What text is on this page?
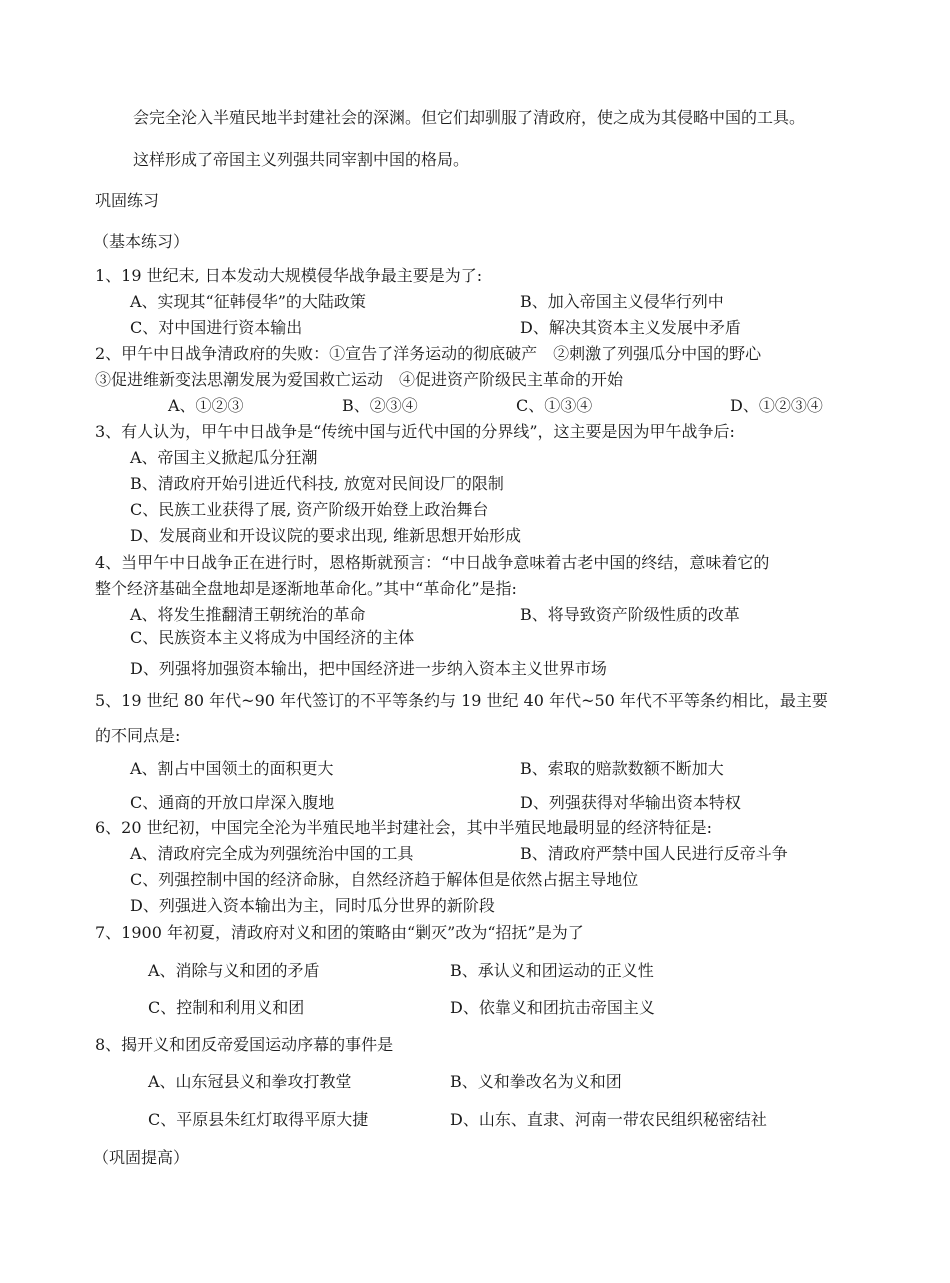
会完全沦入半殖民地半封建社会的深渊。但它们却驯服了清政府，使之成为其侵略中国的工具。
这样形成了帝国主义列强共同宰割中国的格局。
巩固练习
（基本练习）
1、19 世纪末, 日本发动大规模侵华战争最主要是为了:
A、实现其“征韩侵华”的大陆政策	B、加入帝国主义侵华行列中
C、对中国进行资本输出	D、解决其资本主义发展中矛盾
2、甲午中日战争清政府的失败：①宣告了洋务运动的彻底破产　②刺激了列强瓜分中国的野心
③促进维新变法思潮发展为爱国救亡运动　④促进资产阶级民主革命的开始
A、①②③	B、②③④	C、①③④	D、①②③④
3、有人认为，甲午中日战争是“传统中国与近代中国的分界线”，这主要是因为甲午战争后:
A、帝国主义掀起瓜分狂潮
B、清政府开始引进近代科技, 放宽对民间设厂的限制
C、民族工业获得了展, 资产阶级开始登上政治舞台
D、发展商业和开设议院的要求出现, 维新思想开始形成
4、当甲午中日战争正在进行时，恩格斯就预言：“中日战争意味着古老中国的终结，意味着它的
整个经济基础全盘地却是逐渐地革命化。”其中“革命化”是指:
A、将发生推翻清王朝统治的革命	B、将导致资产阶级性质的改革
C、民族资本主义将成为中国经济的主体
D、列强将加强资本输出，把中国经济进一步纳入资本主义世界市场
5、19 世纪 80 年代~90 年代签订的不平等条约与 19 世纪 40 年代~50 年代不平等条约相比，最主要
的不同点是:
A、割占中国领土的面积更大	B、索取的赔款数额不断加大
C、通商的开放口岸深入腹地	D、列强获得对华输出资本特权
6、20 世纪初，中国完全沦为半殖民地半封建社会，其中半殖民地最明显的经济特征是:
A、清政府完全成为列强统治中国的工具	B、清政府严禁中国人民进行反帝斗争
C、列强控制中国的经济命脉，自然经济趋于解体但是依然占据主导地位
D、列强进入资本输出为主，同时瓜分世界的新阶段
7、1900 年初夏，清政府对义和团的策略由“剿灭”改为“招抚”是为了
A、消除与义和团的矛盾	B、承认义和团运动的正义性
C、控制和利用义和团	D、依靠义和团抗击帝国主义
8、揭开义和团反帝爱国运动序幕的事件是
A、山东冠县义和拳攻打教堂	B、义和拳改名为义和团
C、平原县朱红灯取得平原大捷	D、山东、直隶、河南一带农民组织秘密结社
（巩固提高）
